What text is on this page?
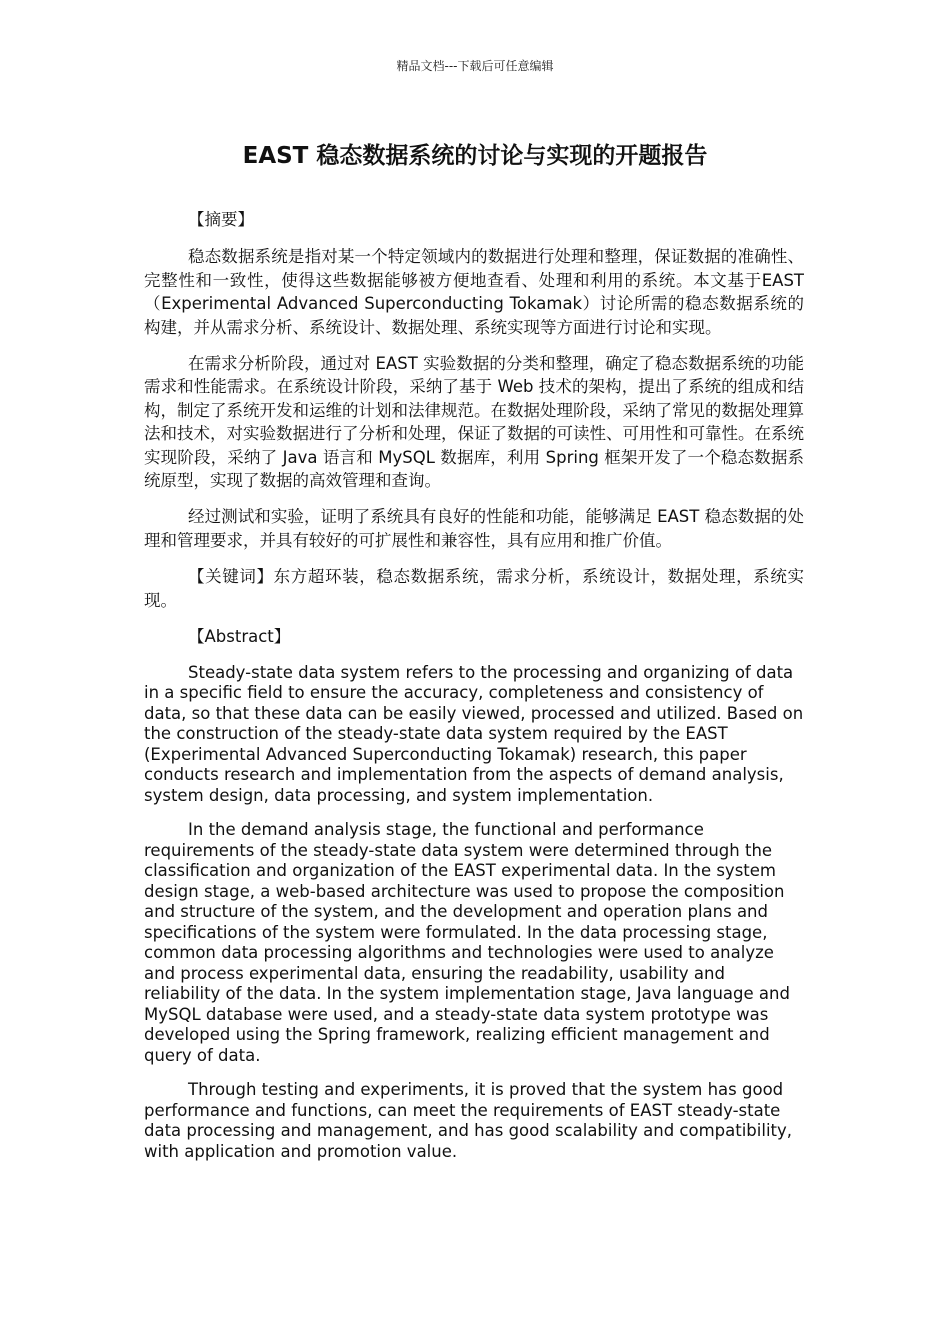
精品文档---下载后可任意编辑
EAST 稳态数据系统的讨论与实现的开题报告

【摘要】

稳态数据系统是指对某一个特定领域内的数据进行处理和整理，保证数据的准确性、完整性和一致性，使得这些数据能够被方便地查看、处理和利用的系统。本文基于EAST（Experimental Advanced Superconducting Tokamak）讨论所需的稳态数据系统的构建，并从需求分析、系统设计、数据处理、系统实现等方面进行讨论和实现。

在需求分析阶段，通过对 EAST 实验数据的分类和整理，确定了稳态数据系统的功能需求和性能需求。在系统设计阶段，采纳了基于 Web 技术的架构，提出了系统的组成和结构，制定了系统开发和运维的计划和法律规范。在数据处理阶段，采纳了常见的数据处理算法和技术，对实验数据进行了分析和处理，保证了数据的可读性、可用性和可靠性。在系统实现阶段，采纳了 Java 语言和 MySQL 数据库，利用 Spring 框架开发了一个稳态数据系统原型，实现了数据的高效管理和查询。

经过测试和实验，证明了系统具有良好的性能和功能，能够满足 EAST 稳态数据的处理和管理要求，并具有较好的可扩展性和兼容性，具有应用和推广价值。

【关键词】东方超环装，稳态数据系统，需求分析，系统设计，数据处理，系统实现。

【Abstract】

Steady-state data system refers to the processing and organizing of data in a specific field to ensure the accuracy, completeness and consistency of data, so that these data can be easily viewed, processed and utilized. Based on the construction of the steady-state data system required by the EAST (Experimental Advanced Superconducting Tokamak) research, this paper conducts research and implementation from the aspects of demand analysis, system design, data processing, and system implementation.

In the demand analysis stage, the functional and performance requirements of the steady-state data system were determined through the classification and organization of the EAST experimental data. In the system design stage, a web-based architecture was used to propose the composition and structure of the system, and the development and operation plans and specifications of the system were formulated. In the data processing stage, common data processing algorithms and technologies were used to analyze and process experimental data, ensuring the readability, usability and reliability of the data. In the system implementation stage, Java language and MySQL database were used, and a steady-state data system prototype was developed using the Spring framework, realizing efficient management and query of data.

Through testing and experiments, it is proved that the system has good performance and functions, can meet the requirements of EAST steady-state data processing and management, and has good scalability and compatibility, with application and promotion value.
